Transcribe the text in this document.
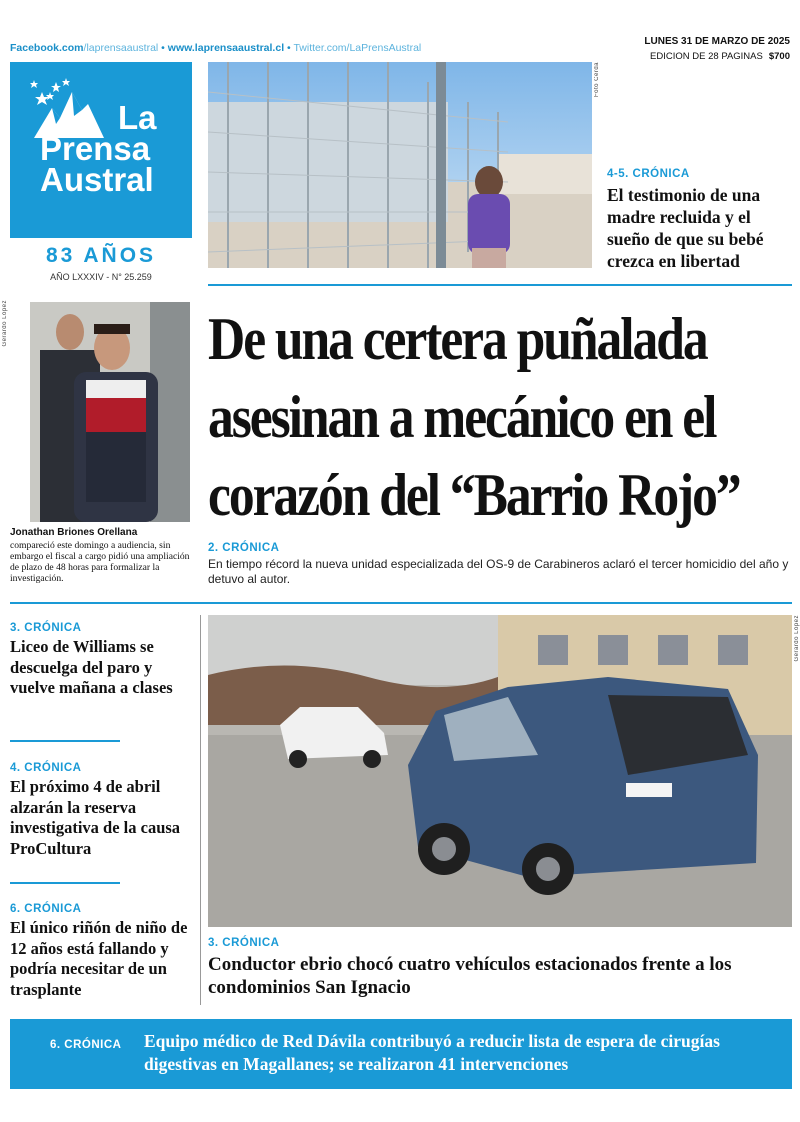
Facebook.com/laprensaaustral • www.laprensaaustral.cl • Twitter.com/LaPrensAustral
LUNES 31 DE MARZO DE 2025
EDICION DE 28 PAGINAS $700
La
Prensa
Austral
83 AÑOS
AÑO LXXXIV - N° 25.259
Foto Cerda
4-5. CRÓNICA
El testimonio de una madre recluida y el sueño de que su bebé crezca en libertad
Gerardo López
Jonathan Briones Orellana
compareció este domingo a audiencia, sin embargo el fiscal a cargo pidió una ampliación de plazo de 48 horas para formalizar la investigación.
De una certera puñalada asesinan a mecánico en el corazón del “Barrio Rojo”
2. CRÓNICA
En tiempo récord la nueva unidad especializada del OS-9 de Carabineros aclaró el tercer homicidio del año y detuvo al autor.
3. CRÓNICA
Liceo de Williams se descuelga del paro y vuelve mañana a clases
4. CRÓNICA
El próximo 4 de abril alzarán la reserva investigativa de la causa ProCultura
6. CRÓNICA
El único riñón de niño de 12 años está fallando y podría necesitar de un trasplante
Gerardo López
3. CRÓNICA
Conductor ebrio chocó cuatro vehículos estacionados frente a los condominios San Ignacio
6. CRÓNICA Equipo médico de Red Dávila contribuyó a reducir lista de espera de cirugías digestivas en Magallanes; se realizaron 41 intervenciones
